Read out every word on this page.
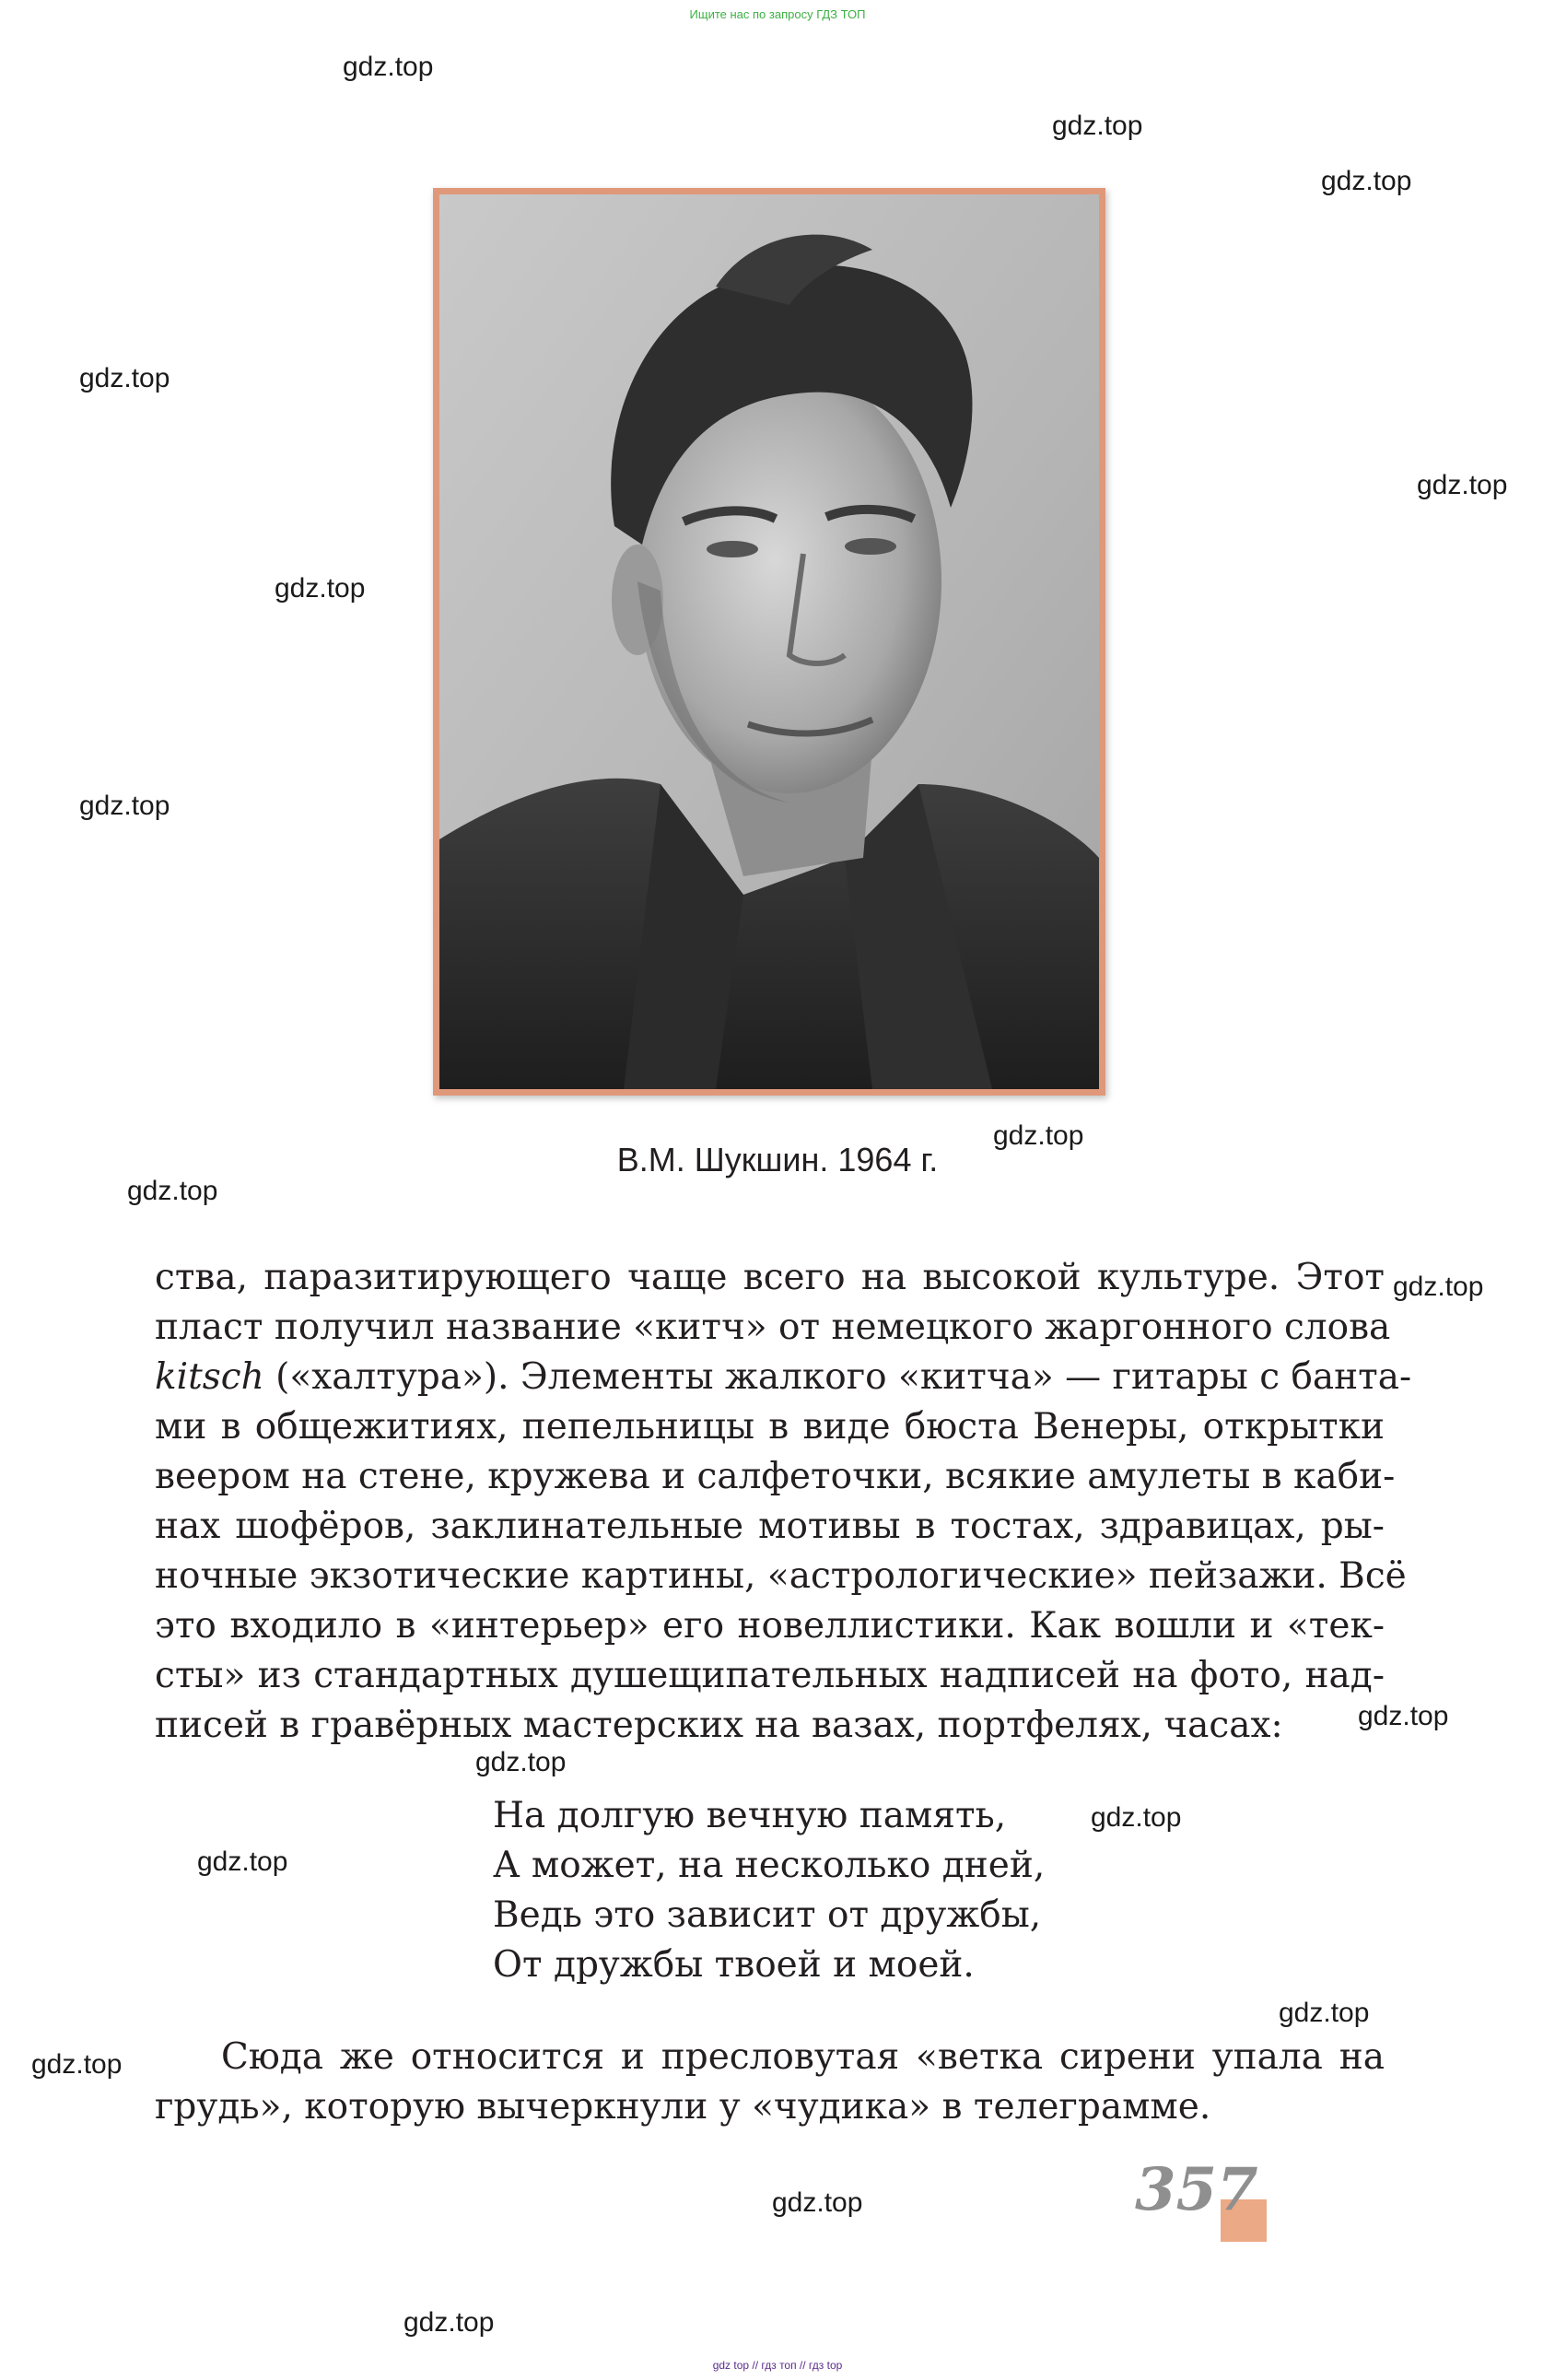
Ищите нас по запросу ГДЗ ТОП
gdz.top
gdz.top
gdz.top
gdz.top
gdz.top
gdz.top
gdz.top
gdz.top
gdz.top
gdz.top
gdz.top
gdz.top
gdz.top
gdz.top
gdz.top
gdz.top
gdz.top
gdz.top
В.М. Шукшин. 1964 г.
ства, паразитирующего чаще всего на высокой культуре. Этот
пласт получил название «китч» от немецкого жаргонного слова
kitsch («халтура»). Элементы жалкого «китча» — гитары с банта-
ми в общежитиях, пепельницы в виде бюста Венеры, открытки
веером на стене, кружева и салфеточки, всякие амулеты в каби-
нах шофёров, заклинательные мотивы в тостах, здравицах, ры-
ночные экзотические картины, «астрологические» пейзажи. Всё
это входило в «интерьер» его новеллистики. Как вошли и «тек-
сты» из стандартных душещипательных надписей на фото, над-
писей в гравёрных мастерских на вазах, портфелях, часах:
На долгую вечную память,
А может, на несколько дней,
Ведь это зависит от дружбы,
От дружбы твоей и моей.
Сюда же относится и пресловутая «ветка сирени упала на
грудь», которую вычеркнули у «чудика» в телеграмме.
357
gdz top // гдз топ // гдз top
